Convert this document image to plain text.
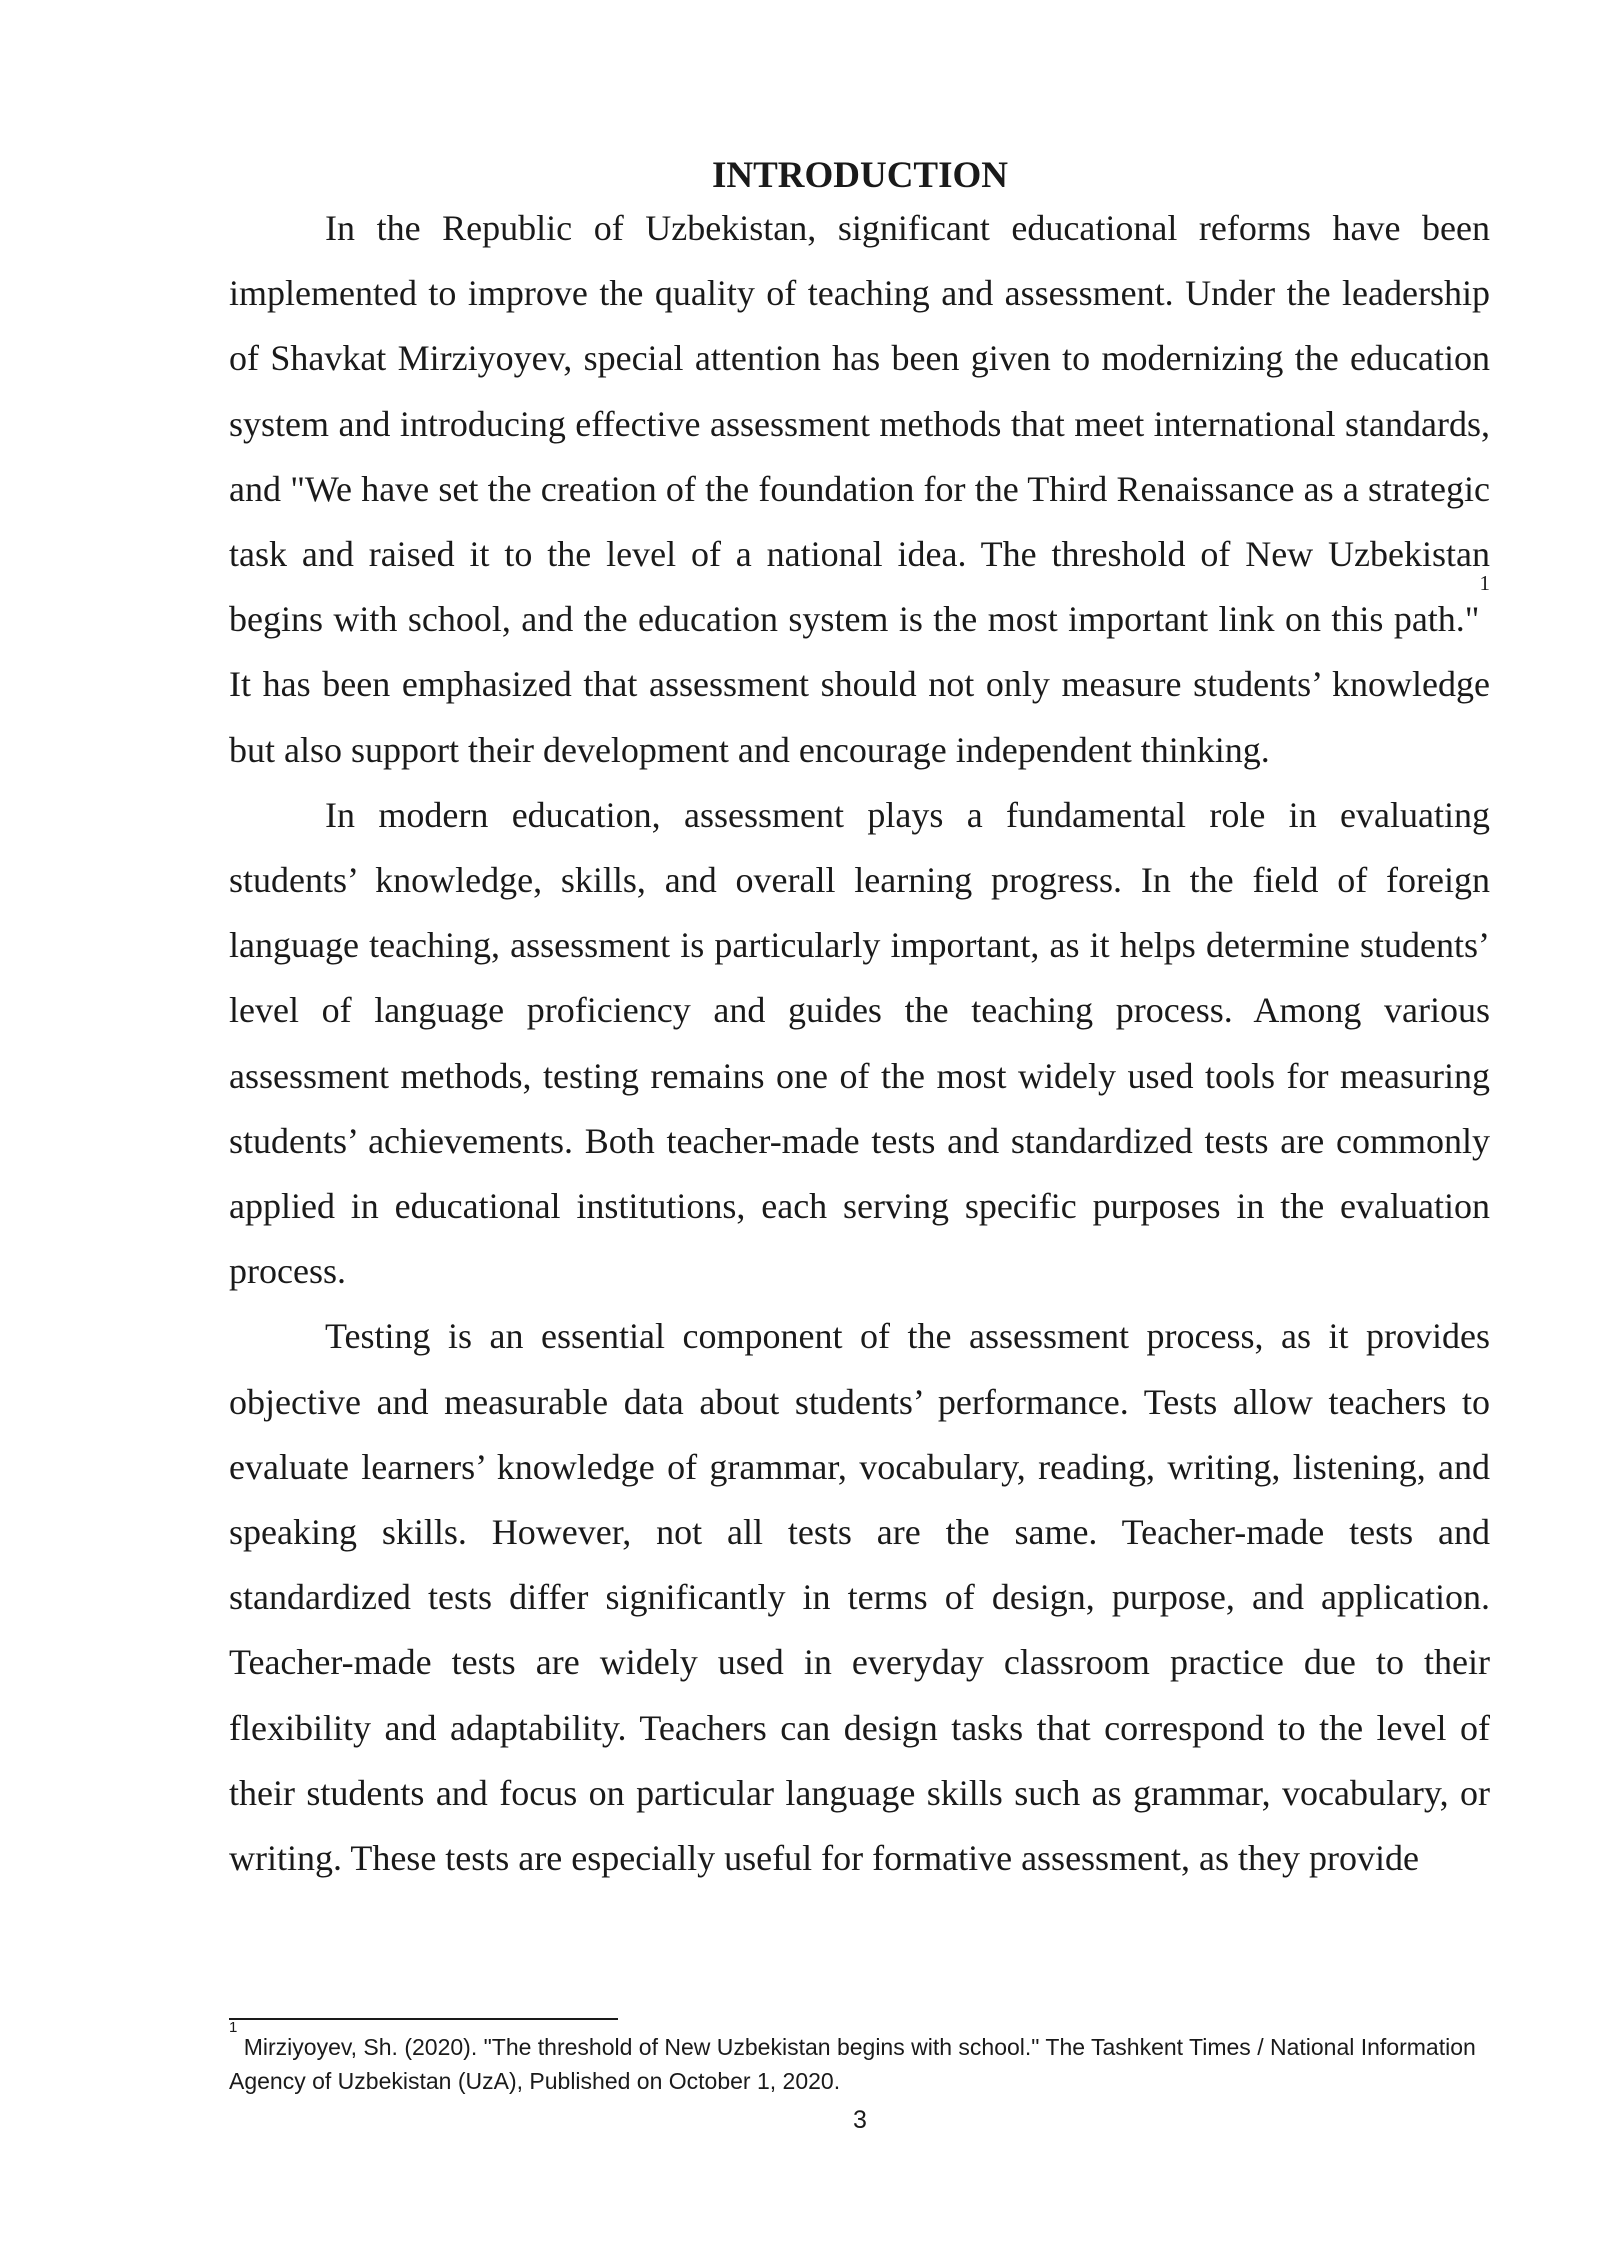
INTRODUCTION

In the Republic of Uzbekistan, significant educational reforms have been implemented to improve the quality of teaching and assessment. Under the leadership of Shavkat Mirziyoyev, special attention has been given to modernizing the education system and introducing effective assessment methods that meet international standards, and "We have set the creation of the foundation for the Third Renaissance as a strategic task and raised it to the level of a national idea. The threshold of New Uzbekistan begins with school, and the education system is the most important link on this path."$^1$ It has been emphasized that assessment should not only measure students’ knowledge but also support their development and encourage independent thinking.

In modern education, assessment plays a fundamental role in evaluating students’ knowledge, skills, and overall learning progress. In the field of foreign language teaching, assessment is particularly important, as it helps determine students’ level of language proficiency and guides the teaching process. Among various assessment methods, testing remains one of the most widely used tools for measuring students’ achievements. Both teacher-made tests and standardized tests are commonly applied in educational institutions, each serving specific purposes in the evaluation process.

Testing is an essential component of the assessment process, as it provides objective and measurable data about students’ performance. Tests allow teachers to evaluate learners’ knowledge of grammar, vocabulary, reading, writing, listening, and speaking skills. However, not all tests are the same. Teacher-made tests and standardized tests differ significantly in terms of design, purpose, and application. Teacher-made tests are widely used in everyday classroom practice due to their flexibility and adaptability. Teachers can design tasks that correspond to the level of their students and focus on particular language skills such as grammar, vocabulary, or writing. These tests are especially useful for formative assessment, as they provide

$^1$ Mirziyoyev, Sh. (2020). "The threshold of New Uzbekistan begins with school." The Tashkent Times / National Information Agency of Uzbekistan (UzA), Published on October 1, 2020.

3
